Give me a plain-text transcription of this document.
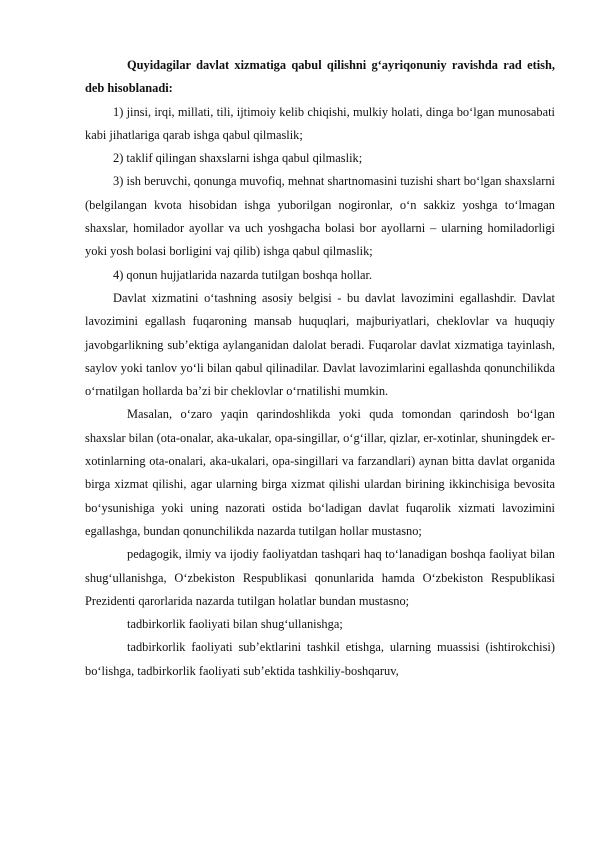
Quyidagilar davlat xizmatiga qabul qilishni g‘ayriqonuniy ravishda rad etish, deb hisoblanadi:

1) jinsi, irqi, millati, tili, ijtimoiy kelib chiqishi, mulkiy holati, dinga bo‘lgan munosabati kabi jihatlariga qarab ishga qabul qilmaslik;

2) taklif qilingan shaxslarni ishga qabul qilmaslik;

3) ish beruvchi, qonunga muvofiq, mehnat shartnomasini tuzishi shart bo‘lgan shaxslarni (belgilangan kvota hisobidan ishga yuborilgan nogironlar, o‘n sakkiz yoshga to‘lmagan shaxslar, homilador ayollar va uch yoshgacha bolasi bor ayollarni – ularning homiladorligi yoki yosh bolasi borligini vaj qilib) ishga qabul qilmaslik;

4) qonun hujjatlarida nazarda tutilgan boshqa hollar.

Davlat xizmatini o‘tashning asosiy belgisi - bu davlat lavozimini egallashdir. Davlat lavozimini egallash fuqaroning mansab huquqlari, majburiyatlari, cheklovlar va huquqiy javobgarlikning sub’ektiga aylanganidan dalolat beradi. Fuqarolar davlat xizmatiga tayinlash, saylov yoki tanlov yo‘li bilan qabul qilinadilar. Davlat lavozimlarini egallashda qonunchilikda o‘rnatilgan hollarda ba’zi bir cheklovlar o‘rnatilishi mumkin.

Masalan, o‘zaro yaqin qarindoshlikda yoki quda tomondan qarindosh bo‘lgan shaxslar bilan (ota-onalar, aka-ukalar, opa-singillar, o‘g‘illar, qizlar, er-xotinlar, shuningdek er-xotinlarning ota-onalari, aka-ukalari, opa-singillari va farzandlari) aynan bitta davlat organida birga xizmat qilishi, agar ularning birga xizmat qilishi ulardan birining ikkinchisiga bevosita bo‘ysunishiga yoki uning nazorati ostida bo‘ladigan davlat fuqarolik xizmati lavozimini egallashga, bundan qonunchilikda nazarda tutilgan hollar mustasno;

pedagogik, ilmiy va ijodiy faoliyatdan tashqari haq to‘lanadigan boshqa faoliyat bilan shug‘ullanishga, O‘zbekiston Respublikasi qonunlarida hamda O‘zbekiston Respublikasi Prezidenti qarorlarida nazarda tutilgan holatlar bundan mustasno;

tadbirkorlik faoliyati bilan shug‘ullanishga;

tadbirkorlik faoliyati sub’ektlarini tashkil etishga, ularning muassisi (ishtirokchisi) bo‘lishga, tadbirkorlik faoliyati sub’ektida tashkiliy-boshqaruv,
